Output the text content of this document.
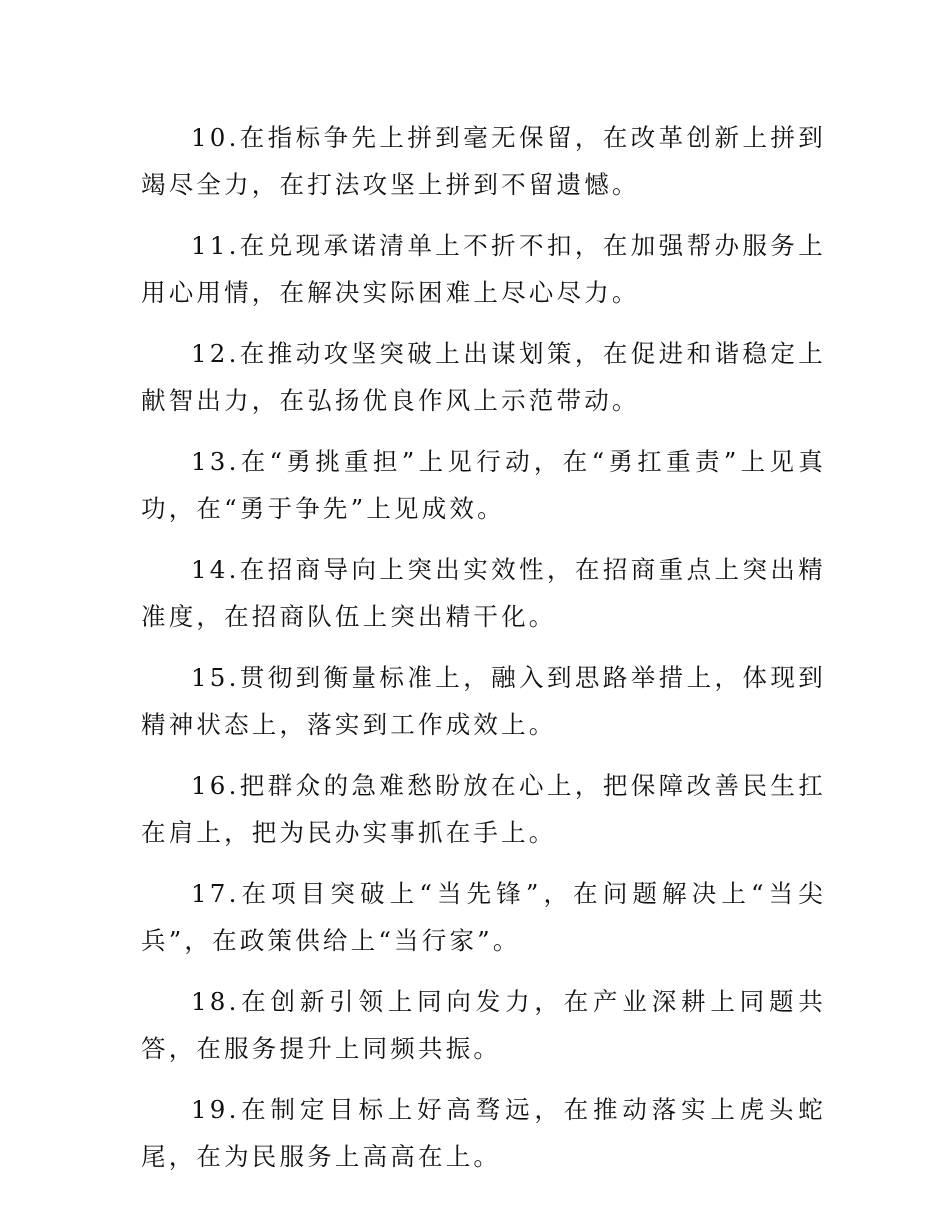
10.在指标争先上拼到毫无保留，在改革创新上拼到竭尽全力，在打法攻坚上拼到不留遗憾。

11.在兑现承诺清单上不折不扣，在加强帮办服务上用心用情，在解决实际困难上尽心尽力。

12.在推动攻坚突破上出谋划策，在促进和谐稳定上献智出力，在弘扬优良作风上示范带动。

13.在“勇挑重担”上见行动，在“勇扛重责”上见真功，在“勇于争先”上见成效。

14.在招商导向上突出实效性，在招商重点上突出精准度，在招商队伍上突出精干化。

15.贯彻到衡量标准上，融入到思路举措上，体现到精神状态上，落实到工作成效上。

16.把群众的急难愁盼放在心上，把保障改善民生扛在肩上，把为民办实事抓在手上。

17.在项目突破上“当先锋”，在问题解决上“当尖兵”，在政策供给上“当行家”。

18.在创新引领上同向发力，在产业深耕上同题共答，在服务提升上同频共振。

19.在制定目标上好高骛远，在推动落实上虎头蛇尾，在为民服务上高高在上。
